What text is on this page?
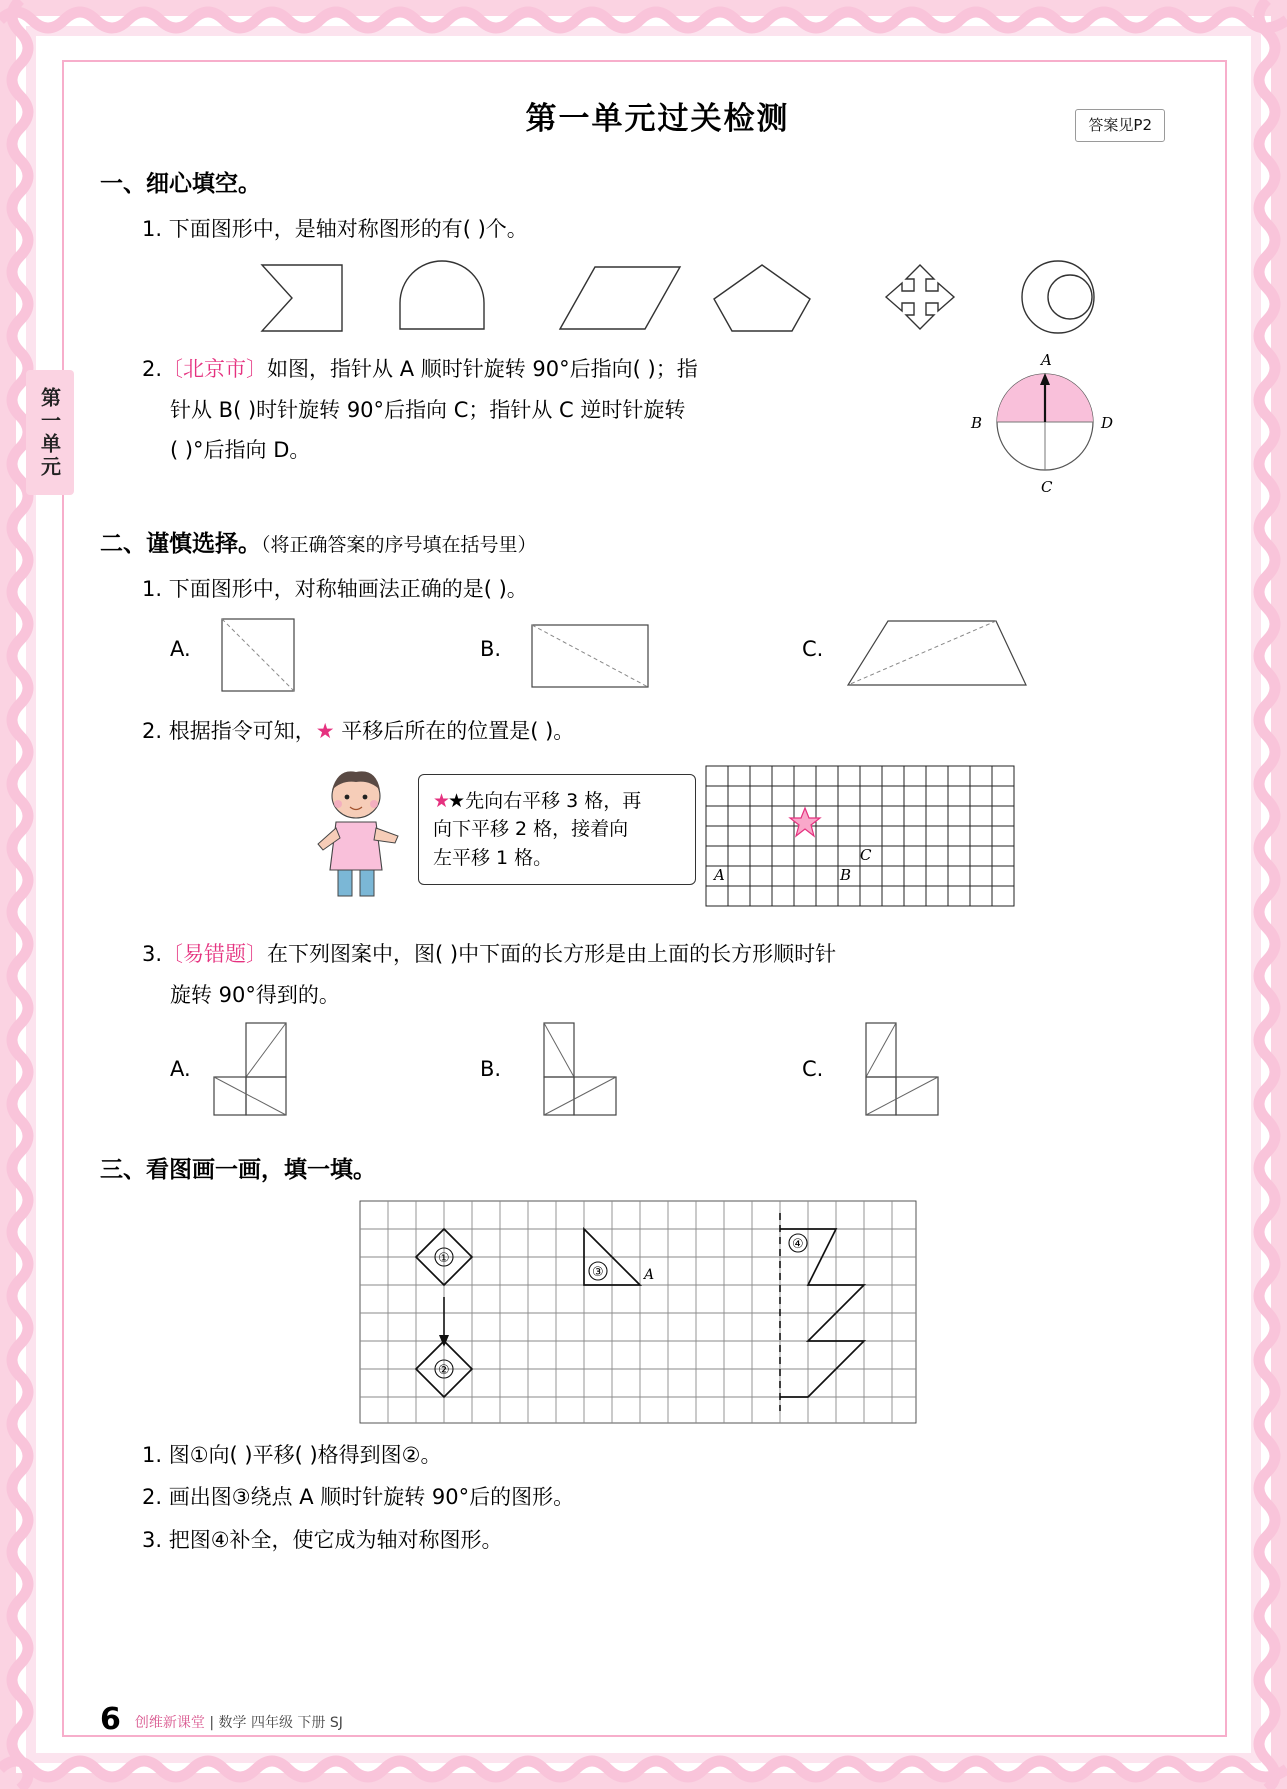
第一单元
第一单元过关检测	答案见P2
一、细心填空。
1. 下面图形中，是轴对称图形的有( )个。
2.〔北京市〕如图，指针从 A 顺时针旋转 90°后指向( )；指
针从 B( )时针旋转 90°后指向 C；指针从 C 逆时针旋转
( )°后指向 D。
A
B
C
D
二、谨慎选择。（将正确答案的序号填在括号里）
1. 下面图形中，对称轴画法正确的是( )。
A.	B.	C.
2. 根据指令可知，★ 平移后所在的位置是( )。
★★先向右平移 3 格，再
向下平移 2 格，接着向
左平移 1 格。	C
A	B
3.〔易错题〕在下列图案中，图( )中下面的长方形是由上面的长方形顺时针
旋转 90°得到的。
A.	B.	C.
三、看图画一画，填一填。
①
②
③	A
④
1. 图①向( )平移( )格得到图②。
2. 画出图③绕点 A 顺时针旋转 90°后的图形。
3. 把图④补全，使它成为轴对称图形。
6 创维新课堂 | 数学 四年级 下册 SJ
